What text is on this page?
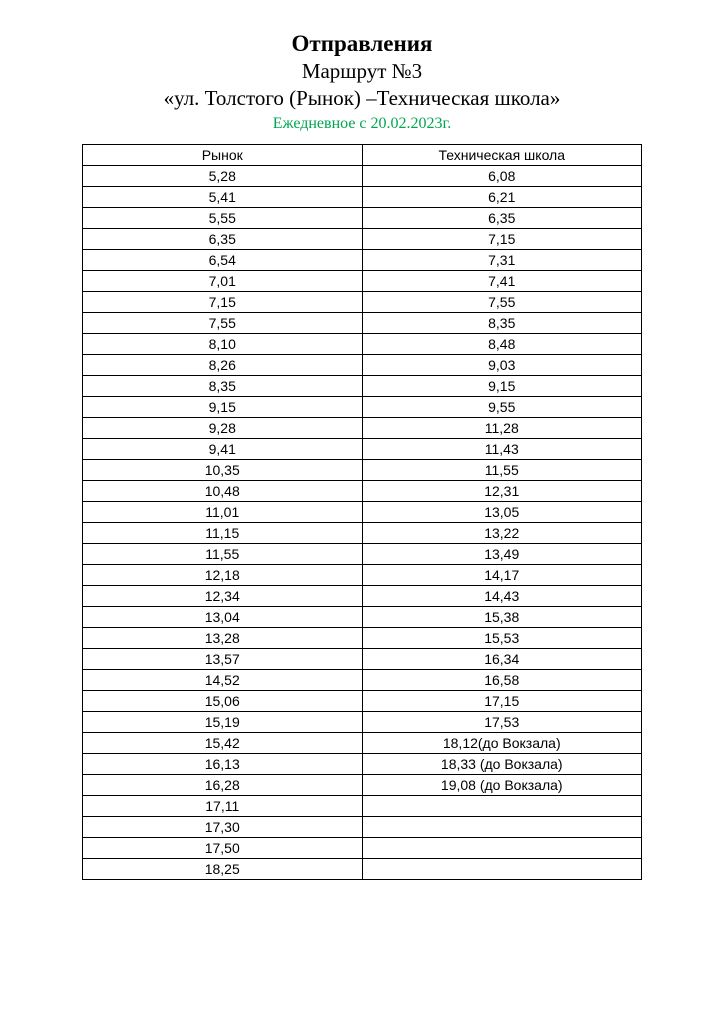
Отправления
Маршрут №3
«ул. Толстого (Рынок) –Техническая школа»
Ежедневное с 20.02.2023г.
Рынок	Техническая школа
5,28	6,08
5,41	6,21
5,55	6,35
6,35	7,15
6,54	7,31
7,01	7,41
7,15	7,55
7,55	8,35
8,10	8,48
8,26	9,03
8,35	9,15
9,15	9,55
9,28	11,28
9,41	11,43
10,35	11,55
10,48	12,31
11,01	13,05
11,15	13,22
11,55	13,49
12,18	14,17
12,34	14,43
13,04	15,38
13,28	15,53
13,57	16,34
14,52	16,58
15,06	17,15
15,19	17,53
15,42	18,12(до Вокзала)
16,13	18,33 (до Вокзала)
16,28	19,08 (до Вокзала)
17,11	
17,30	
17,50	
18,25	
